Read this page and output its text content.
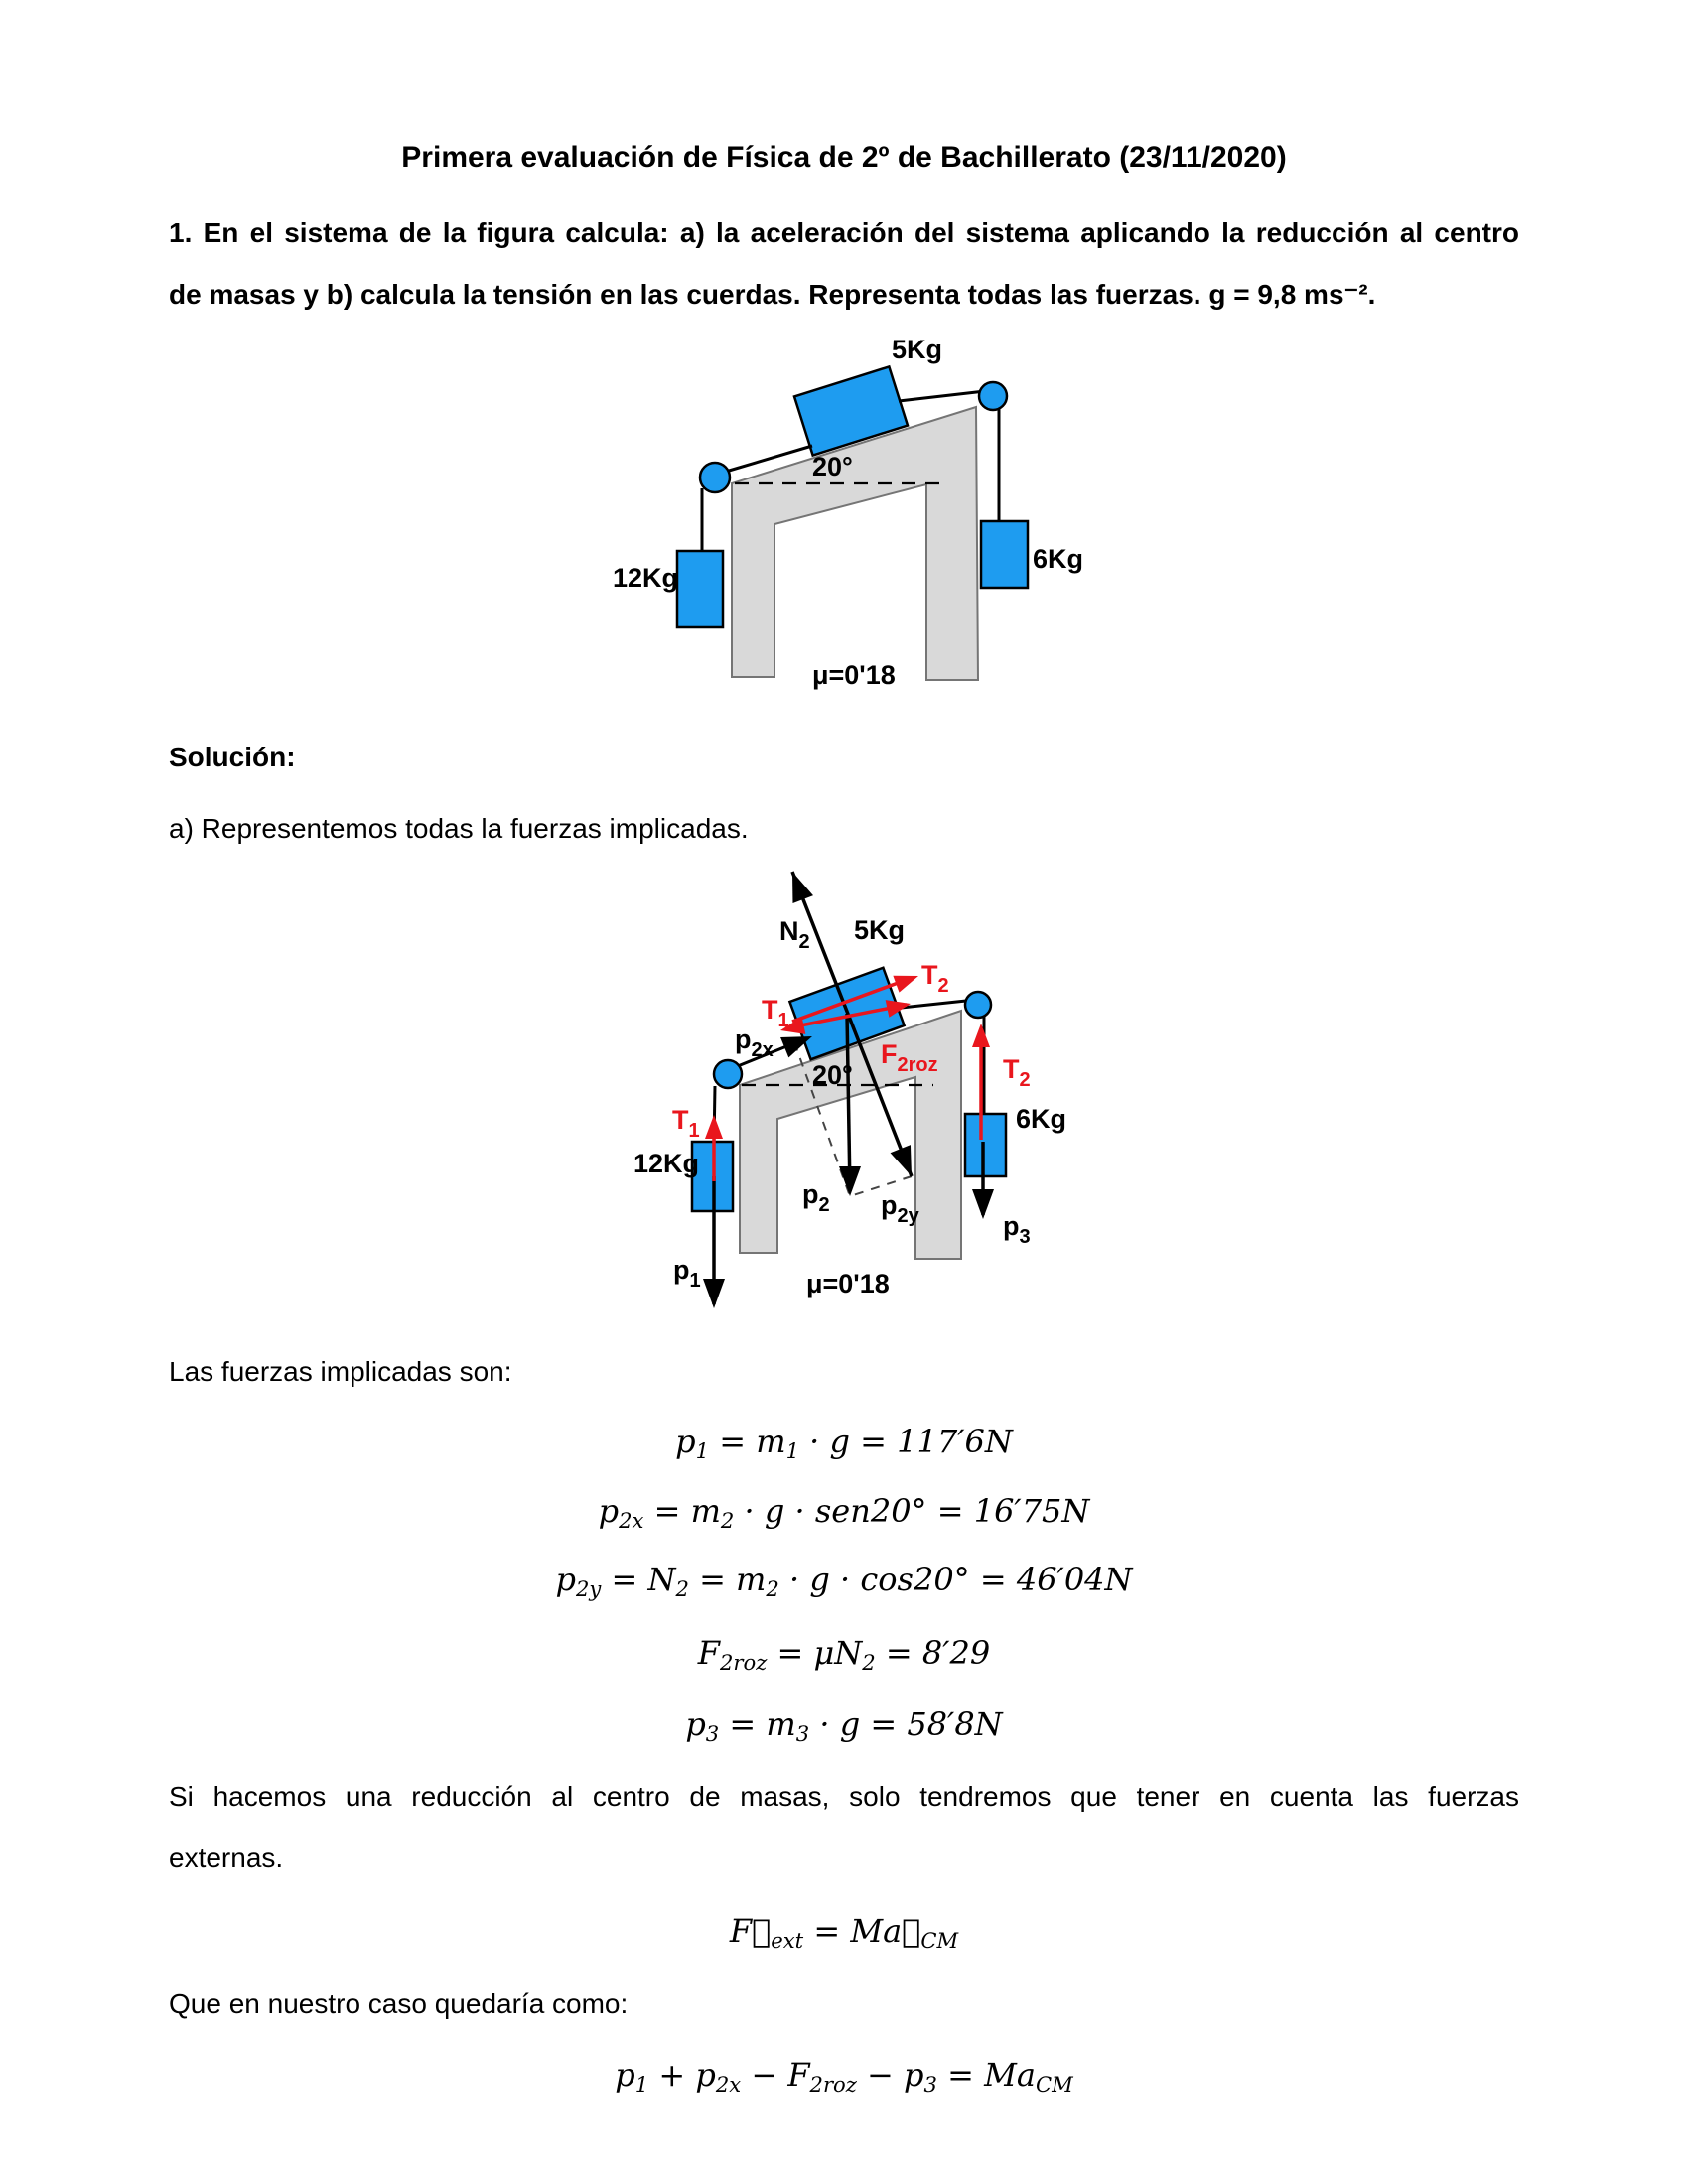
Primera evaluación de Física de 2º de Bachillerato (23/11/2020)
1. En el sistema de la figura calcula: a) la aceleración del sistema aplicando la reducción al centro
de masas y b) calcula la tensión en las cuerdas. Representa todas las fuerzas. g = 9,8 ms⁻².
5Kg
20°
12Kg
6Kg
μ=0'18
Solución:
a) Representemos todas la fuerzas implicadas.
$N_2$ 5Kg
$T_2$
$T_1$
$p_{2x}$	$F_{2roz}$
20°	$T_2$
$T_1$	6Kg
12Kg
$p_2$ $p_{2y}$	$p_3$
$p_1$	μ=0'18
Las fuerzas implicadas son:
$p_1 = m_1 \cdot g = 117'6N$
$p_{2x} = m_2 \cdot g \cdot sen20^\circ = 16'75N$
$p_{2y} = N_2 = m_2 \cdot g \cdot \cos 20^\circ = 46'04N$
$F_{2roz} = \mu N_2 = 8'29$
$p_3 = m_3 \cdot g = 58'8N$
Si hacemos una reducción al centro de masas, solo tendremos que tener en cuenta las fuerzas
externas.
$F⃗_{ext}$ = $Ma⃗_{CM}$
Que en nuestro caso quedaría como:
$p_1 + p_{2x} - F_{2roz} - p_3 = Ma_{CM}$
